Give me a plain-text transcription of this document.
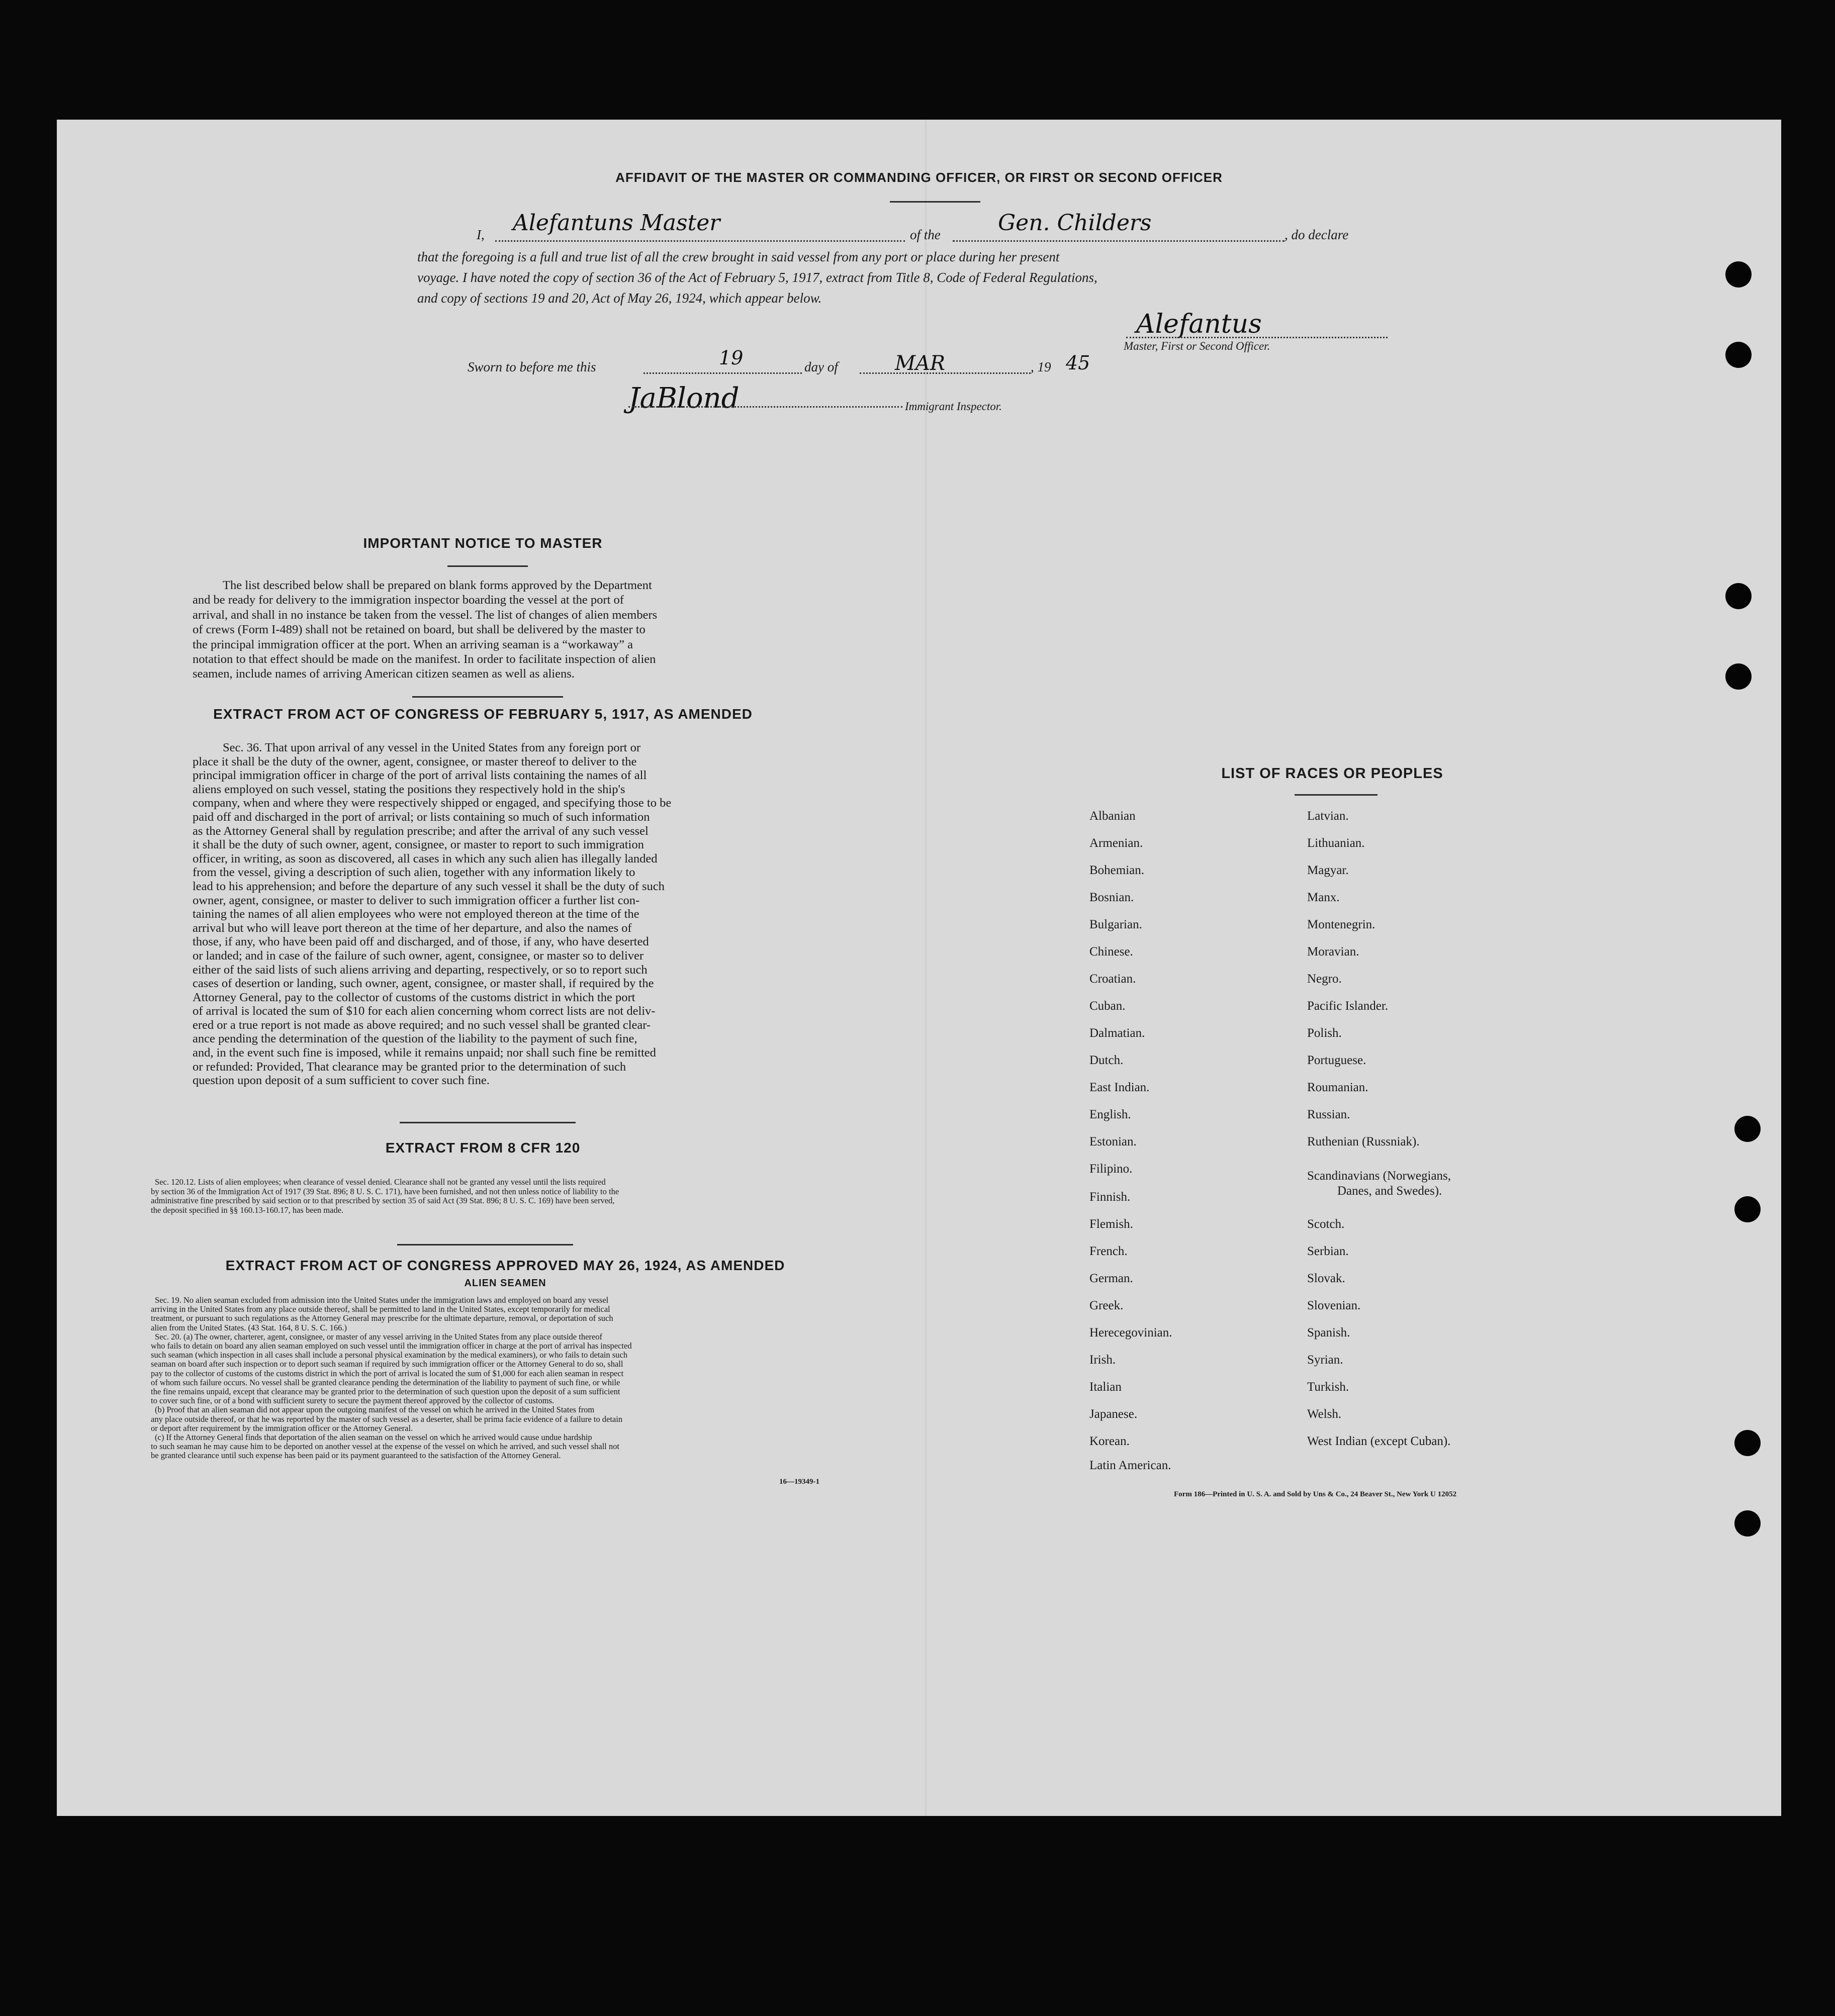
AFFIDAVIT OF THE MASTER OR COMMANDING OFFICER, OR FIRST OR SECOND OFFICER
I, Alefantuns Master	of the	Gen. Childers	, do declare
that the foregoing is a full and true list of all the crew brought in said vessel from any port or place during her present
voyage. I have noted the copy of section 36 of the Act of February 5, 1917, extract from Title 8, Code of Federal Regulations,
and copy of sections 19 and 20, Act of May 26, 1924, which appear below.
Alefantus
Master, First or Second Officer.
Sworn to before me this	19	day of	MAR	, 19 45
JaBlond	Immigrant Inspector.
IMPORTANT NOTICE TO MASTER
The list described below shall be prepared on blank forms approved by the Department
and be ready for delivery to the immigration inspector boarding the vessel at the port of
arrival, and shall in no instance be taken from the vessel. The list of changes of alien members
of crews (Form I-489) shall not be retained on board, but shall be delivered by the master to
the principal immigration officer at the port. When an arriving seaman is a “workaway” a
notation to that effect should be made on the manifest. In order to facilitate inspection of alien
seamen, include names of arriving American citizen seamen as well as aliens.
EXTRACT FROM ACT OF CONGRESS OF FEBRUARY 5, 1917, AS AMENDED
Sec. 36. That upon arrival of any vessel in the United States from any foreign port or
place it shall be the duty of the owner, agent, consignee, or master thereof to deliver to the
principal immigration officer in charge of the port of arrival lists containing the names of all
aliens employed on such vessel, stating the positions they respectively hold in the ship's
company, when and where they were respectively shipped or engaged, and specifying those to be
paid off and discharged in the port of arrival; or lists containing so much of such information
as the Attorney General shall by regulation prescribe; and after the arrival of any such vessel
it shall be the duty of such owner, agent, consignee, or master to report to such immigration
officer, in writing, as soon as discovered, all cases in which any such alien has illegally landed
from the vessel, giving a description of such alien, together with any information likely to
lead to his apprehension; and before the departure of any such vessel it shall be the duty of such
owner, agent, consignee, or master to deliver to such immigration officer a further list con-
taining the names of all alien employees who were not employed thereon at the time of the
arrival but who will leave port thereon at the time of her departure, and also the names of
those, if any, who have been paid off and discharged, and of those, if any, who have deserted
or landed; and in case of the failure of such owner, agent, consignee, or master so to deliver
either of the said lists of such aliens arriving and departing, respectively, or so to report such
cases of desertion or landing, such owner, agent, consignee, or master shall, if required by the
Attorney General, pay to the collector of customs of the customs district in which the port
of arrival is located the sum of $10 for each alien concerning whom correct lists are not deliv-
ered or a true report is not made as above required; and no such vessel shall be granted clear-
ance pending the determination of the question of the liability to the payment of such fine,
and, in the event such fine is imposed, while it remains unpaid; nor shall such fine be remitted
or refunded: Provided, That clearance may be granted prior to the determination of such
question upon deposit of a sum sufficient to cover such fine.
EXTRACT FROM 8 CFR 120
Sec. 120.12. Lists of alien employees; when clearance of vessel denied. Clearance shall not be granted any vessel until the lists required
by section 36 of the Immigration Act of 1917 (39 Stat. 896; 8 U. S. C. 171), have been furnished, and not then unless notice of liability to the
administrative fine prescribed by said section or to that prescribed by section 35 of said Act (39 Stat. 896; 8 U. S. C. 169) have been served,
the deposit specified in §§ 160.13-160.17, has been made.
EXTRACT FROM ACT OF CONGRESS APPROVED MAY 26, 1924, AS AMENDED
ALIEN SEAMEN
Sec. 19. No alien seaman excluded from admission into the United States under the immigration laws and employed on board any vessel
arriving in the United States from any place outside thereof, shall be permitted to land in the United States, except temporarily for medical
treatment, or pursuant to such regulations as the Attorney General may prescribe for the ultimate departure, removal, or deportation of such
alien from the United States. (43 Stat. 164, 8 U. S. C. 166.)
Sec. 20. (a) The owner, charterer, agent, consignee, or master of any vessel arriving in the United States from any place outside thereof
who fails to detain on board any alien seaman employed on such vessel until the immigration officer in charge at the port of arrival has inspected
such seaman (which inspection in all cases shall include a personal physical examination by the medical examiners), or who fails to detain such
seaman on board after such inspection or to deport such seaman if required by such immigration officer or the Attorney General to do so, shall
pay to the collector of customs of the customs district in which the port of arrival is located the sum of $1,000 for each alien seaman in respect
of whom such failure occurs. No vessel shall be granted clearance pending the determination of the liability to payment of such fine, or while
the fine remains unpaid, except that clearance may be granted prior to the determination of such question upon the deposit of a sum sufficient
to cover such fine, or of a bond with sufficient surety to secure the payment thereof approved by the collector of customs.
(b) Proof that an alien seaman did not appear upon the outgoing manifest of the vessel on which he arrived in the United States from
any place outside thereof, or that he was reported by the master of such vessel as a deserter, shall be prima facie evidence of a failure to detain
or deport after requirement by the immigration officer or the Attorney General.
(c) If the Attorney General finds that deportation of the alien seaman on the vessel on which he arrived would cause undue hardship
to such seaman he may cause him to be deported on another vessel at the expense of the vessel on which he arrived, and such vessel shall not
be granted clearance until such expense has been paid or its payment guaranteed to the satisfaction of the Attorney General.
16—19349-1
LIST OF RACES OR PEOPLES
Albanian
Armenian.
Bohemian.
Bosnian.
Bulgarian.
Chinese.
Croatian.
Cuban.
Dalmatian.
Dutch.
East Indian.
English.
Estonian.
Filipino.
Finnish.
Flemish.
French.
German.
Greek.
Herecegovinian.
Irish.
Italian
Japanese.
Korean.
Latin American.
Latvian.
Lithuanian.
Magyar.
Manx.
Montenegrin.
Moravian.
Negro.
Pacific Islander.
Polish.
Portuguese.
Roumanian.
Russian.
Ruthenian (Russniak).
Scandinavians (Norwegians,
Danes, and Swedes).
Scotch.
Serbian.
Slovak.
Slovenian.
Spanish.
Syrian.
Turkish.
Welsh.
West Indian (except Cuban).
Form 186—Printed in U. S. A. and Sold by Uns & Co., 24 Beaver St., New York U 12052
